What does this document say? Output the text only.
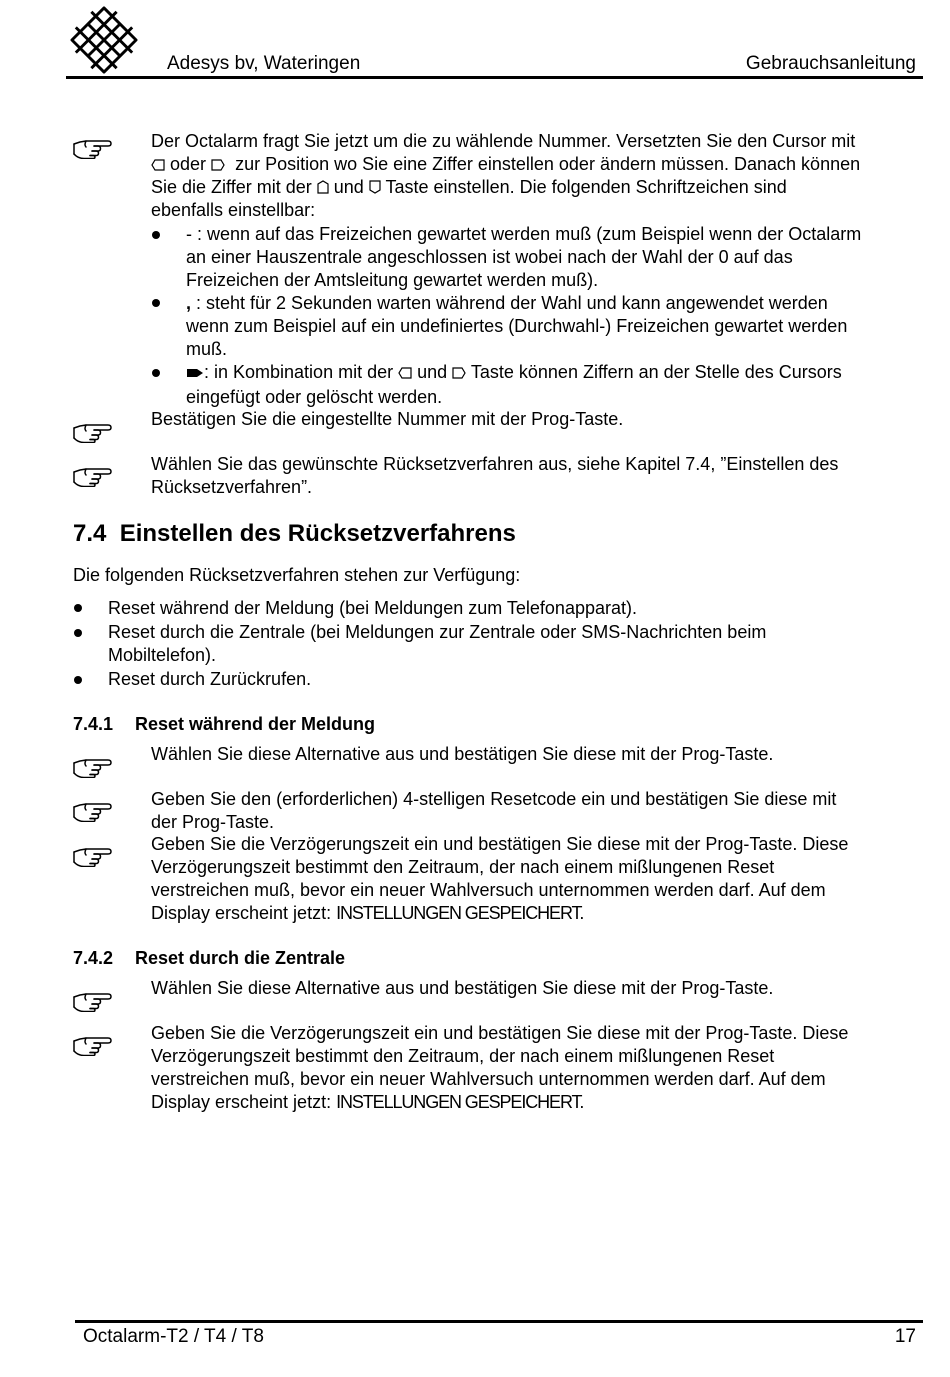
Adesys bv, Wateringen	Gebrauchsanleitung
Der Octalarm fragt Sie jetzt um die zu wählende Nummer. Versetzten Sie den Cursor mit
oder zur Position wo Sie eine Ziffer einstellen oder ändern müssen. Danach können
Sie die Ziffer mit der und Taste einstellen. Die folgenden Schriftzeichen sind
ebenfalls einstellbar:
- : wenn auf das Freizeichen gewartet werden muß (zum Beispiel wenn der Octalarm
an einer Hauszentrale angeschlossen ist wobei nach der Wahl der 0 auf das
Freizeichen der Amtsleitung gewartet werden muß).
, : steht für 2 Sekunden warten während der Wahl und kann angewendet werden
wenn zum Beispiel auf ein undefiniertes (Durchwahl-) Freizeichen gewartet werden
muß.
: in Kombination mit der und Taste können Ziffern an der Stelle des Cursors
eingefügt oder gelöscht werden.
Bestätigen Sie die eingestellte Nummer mit der Prog-Taste.
Wählen Sie das gewünschte Rücksetzverfahren aus, siehe Kapitel 7.4, ”Einstellen des
Rücksetzverfahren”.
7.4  Einstellen des Rücksetzverfahrens
Die folgenden Rücksetzverfahren stehen zur Verfügung:
Reset während der Meldung (bei Meldungen zum Telefonapparat).
Reset durch die Zentrale (bei Meldungen zur Zentrale oder SMS-Nachrichten beim
Mobiltelefon).
Reset durch Zurückrufen.
7.4.1 Reset während der Meldung
Wählen Sie diese Alternative aus und bestätigen Sie diese mit der Prog-Taste.
Geben Sie den (erforderlichen) 4-stelligen Resetcode ein und bestätigen Sie diese mit
der Prog-Taste.
Geben Sie die Verzögerungszeit ein und bestätigen Sie diese mit der Prog-Taste. Diese
Verzögerungszeit bestimmt den Zeitraum, der nach einem mißlungenen Reset
verstreichen muß, bevor ein neuer Wahlversuch unternommen werden darf. Auf dem
Display erscheint jetzt: INSTELLUNGEN GESPEICHERT.
7.4.2 Reset durch die Zentrale
Wählen Sie diese Alternative aus und bestätigen Sie diese mit der Prog-Taste.
Geben Sie die Verzögerungszeit ein und bestätigen Sie diese mit der Prog-Taste. Diese
Verzögerungszeit bestimmt den Zeitraum, der nach einem mißlungenen Reset
verstreichen muß, bevor ein neuer Wahlversuch unternommen werden darf. Auf dem
Display erscheint jetzt: INSTELLUNGEN GESPEICHERT.
Octalarm-T2 / T4 / T8	17
